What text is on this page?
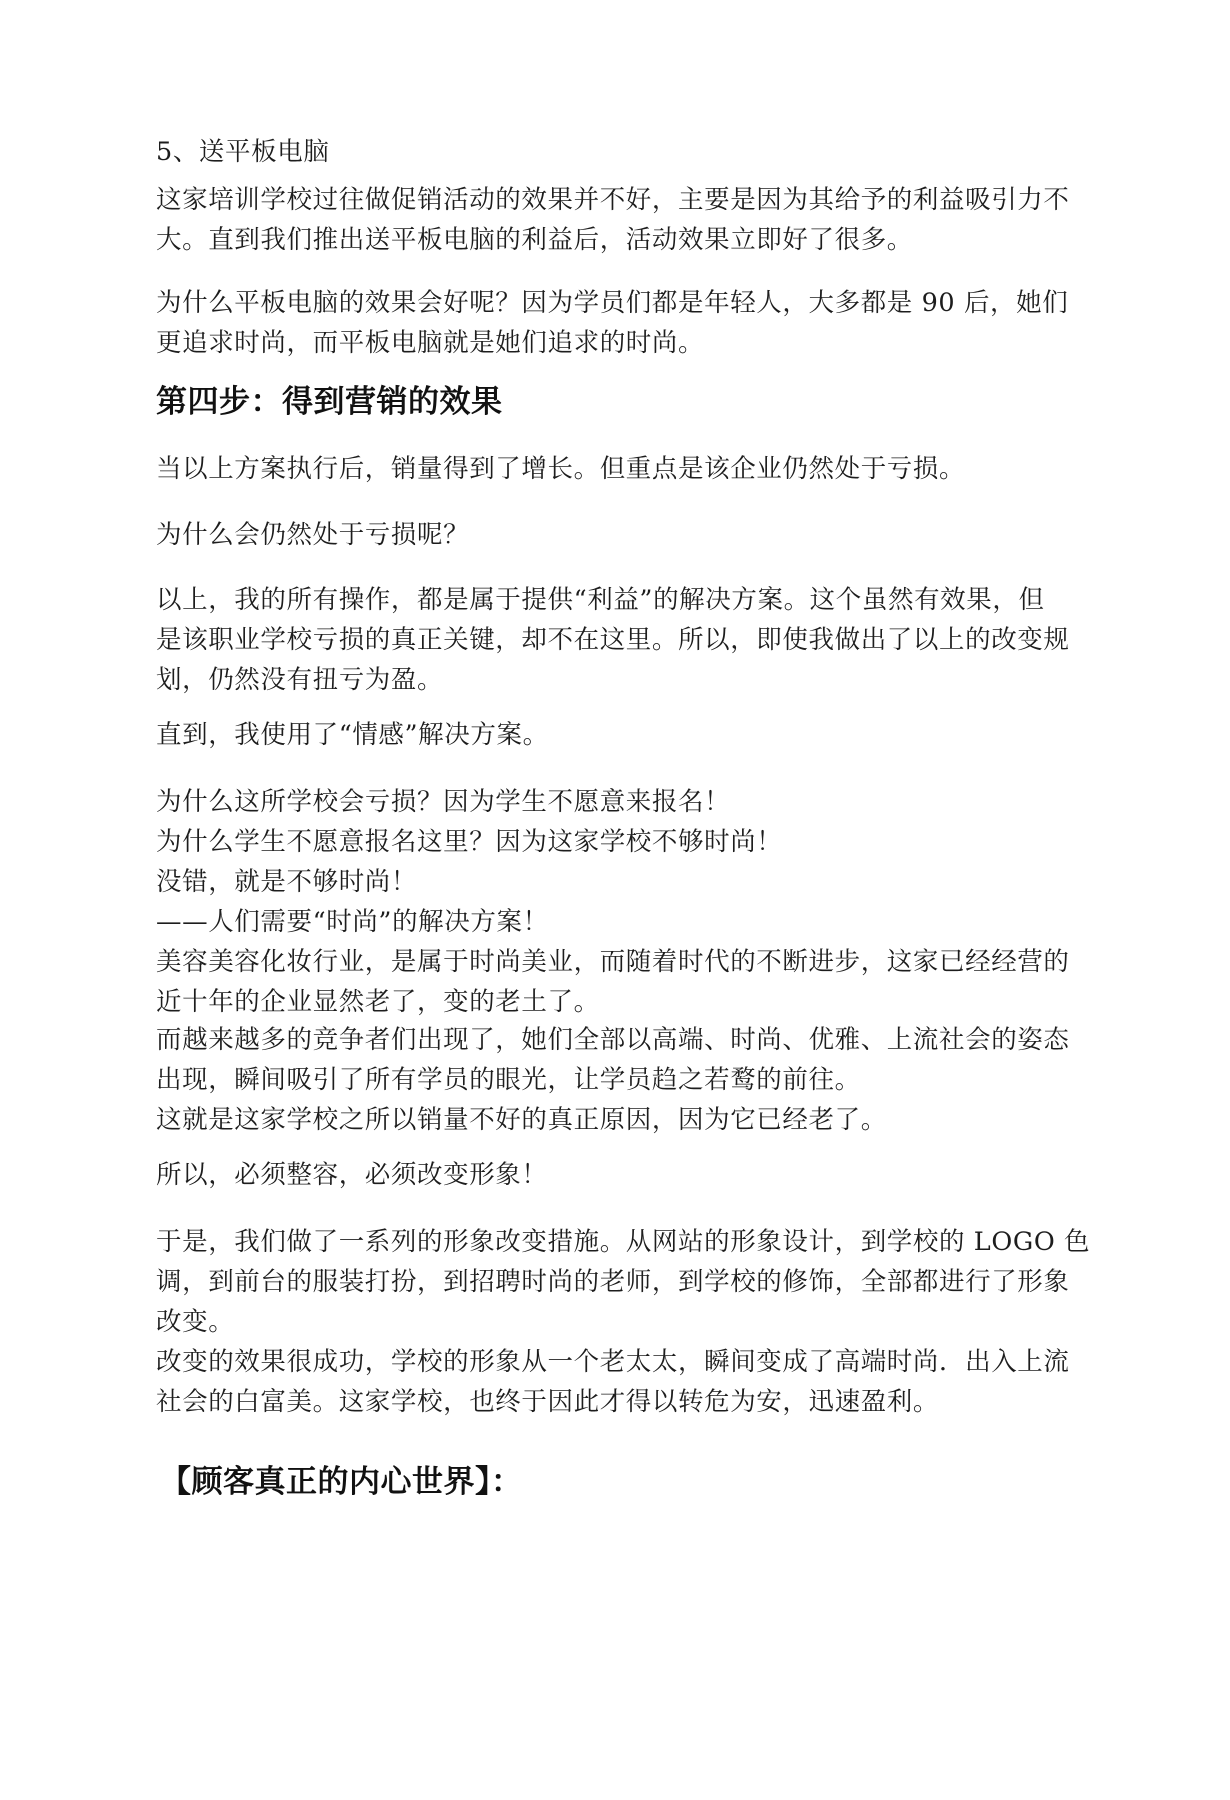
5、送平板电脑

这家培训学校过往做促销活动的效果并不好，主要是因为其给予的利益吸引力不
大。直到我们推出送平板电脑的利益后，活动效果立即好了很多。

为什么平板电脑的效果会好呢？因为学员们都是年轻人，大多都是 90 后，她们
更追求时尚，而平板电脑就是她们追求的时尚。

第四步：得到营销的效果

当以上方案执行后，销量得到了增长。但重点是该企业仍然处于亏损。

为什么会仍然处于亏损呢？

以上，我的所有操作，都是属于提供“利益”的解决方案。这个虽然有效果，但
是该职业学校亏损的真正关键，却不在这里。所以，即使我做出了以上的改变规
划，仍然没有扭亏为盈。

直到，我使用了“情感”解决方案。

为什么这所学校会亏损？因为学生不愿意来报名！
为什么学生不愿意报名这里？因为这家学校不够时尚！
没错，就是不够时尚！
——人们需要“时尚”的解决方案！
美容美容化妆行业，是属于时尚美业，而随着时代的不断进步，这家已经经营的
近十年的企业显然老了，变的老土了。

而越来越多的竞争者们出现了，她们全部以高端、时尚、优雅、上流社会的姿态
出现，瞬间吸引了所有学员的眼光，让学员趋之若鹜的前往。
这就是这家学校之所以销量不好的真正原因，因为它已经老了。

所以，必须整容，必须改变形象！

于是，我们做了一系列的形象改变措施。从网站的形象设计，到学校的 LOGO 色
调，到前台的服装打扮，到招聘时尚的老师，到学校的修饰，全部都进行了形象
改变。
改变的效果很成功，学校的形象从一个老太太，瞬间变成了高端时尚．出入上流
社会的白富美。这家学校，也终于因此才得以转危为安，迅速盈利。

【顾客真正的内心世界】：
